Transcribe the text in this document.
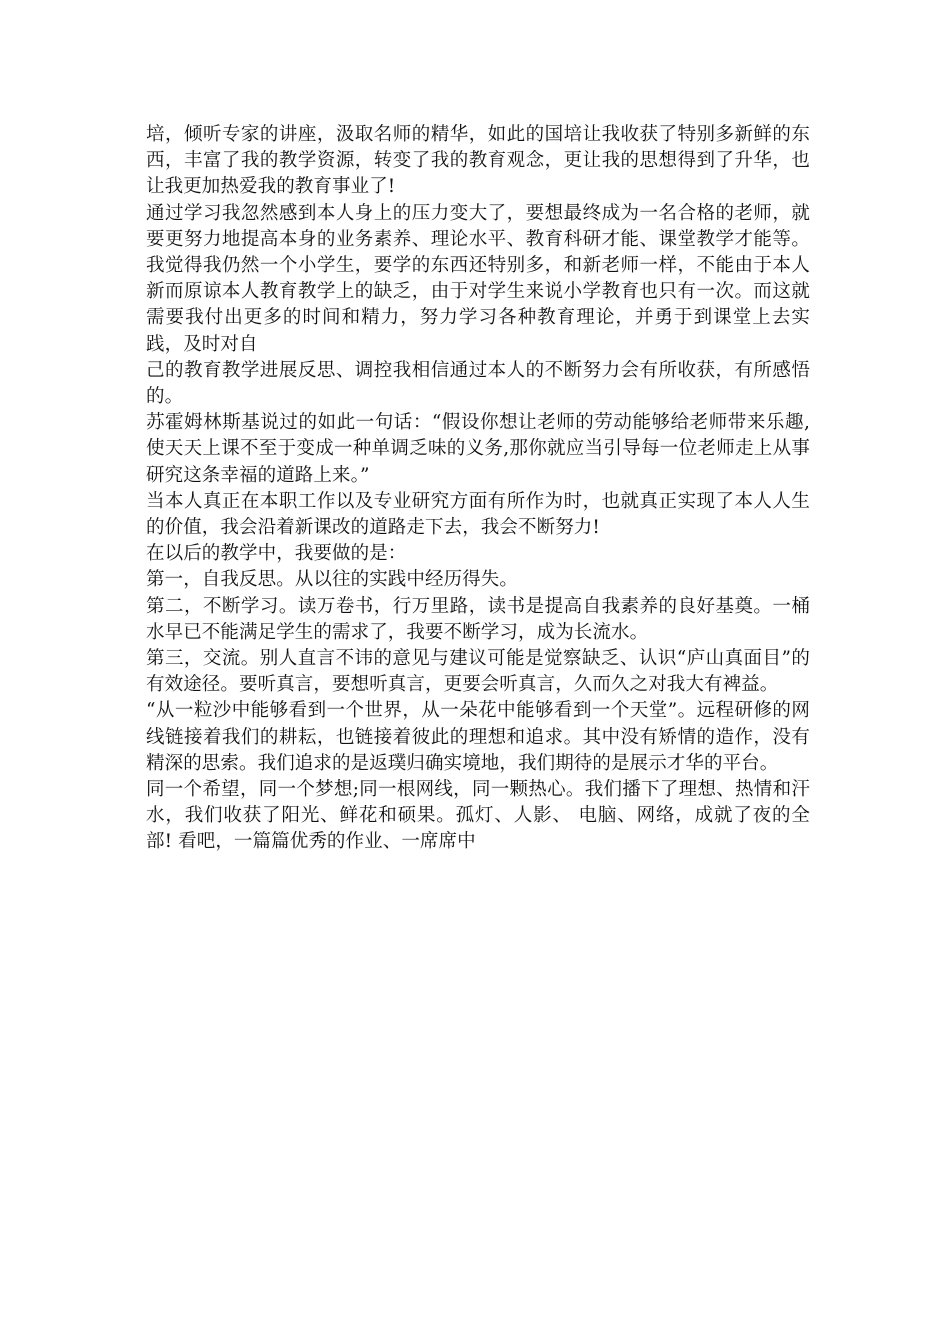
培，倾听专家的讲座，汲取名师的精华，如此的国培让我收获了特别多新鲜的东西，丰富了我的教学资源，转变了我的教育观念，更让我的思想得到了升华，也让我更加热爱我的教育事业了!

通过学习我忽然感到本人身上的压力变大了，要想最终成为一名合格的老师，就要更努力地提高本身的业务素养、理论水平、教育科研才能、课堂教学才能等。我觉得我仍然一个小学生，要学的东西还特别多，和新老师一样，不能由于本人新而原谅本人教育教学上的缺乏，由于对学生来说小学教育也只有一次。而这就需要我付出更多的时间和精力，努力学习各种教育理论，并勇于到课堂上去实践，及时对自

己的教育教学进展反思、调控我相信通过本人的不断努力会有所收获，有所感悟的。

苏霍姆林斯基说过的如此一句话：“假设你想让老师的劳动能够给老师带来乐趣,使天天上课不至于变成一种单调乏味的义务,那你就应当引导每一位老师走上从事研究这条幸福的道路上来。”

当本人真正在本职工作以及专业研究方面有所作为时，也就真正实现了本人人生的价值，我会沿着新课改的道路走下去，我会不断努力!

在以后的教学中，我要做的是：

第一，自我反思。从以往的实践中经历得失。

第二，不断学习。读万卷书，行万里路，读书是提高自我素养的良好基奠。一桶水早已不能满足学生的需求了，我要不断学习，成为长流水。

第三，交流。别人直言不讳的意见与建议可能是觉察缺乏、认识“庐山真面目”的有效途径。要听真言，要想听真言，更要会听真言，久而久之对我大有裨益。

“从一粒沙中能够看到一个世界，从一朵花中能够看到一个天堂”。远程研修的网线链接着我们的耕耘，也链接着彼此的理想和追求。其中没有矫情的造作，没有精深的思索。我们追求的是返璞归确实境地，我们期待的是展示才华的平台。

同一个希望，同一个梦想;同一根网线，同一颗热心。我们播下了理想、热情和汗水，我们收获了阳光、鲜花和硕果。孤灯、人影、 电脑、网络，成就了夜的全部! 看吧，一篇篇优秀的作业、一席席中
